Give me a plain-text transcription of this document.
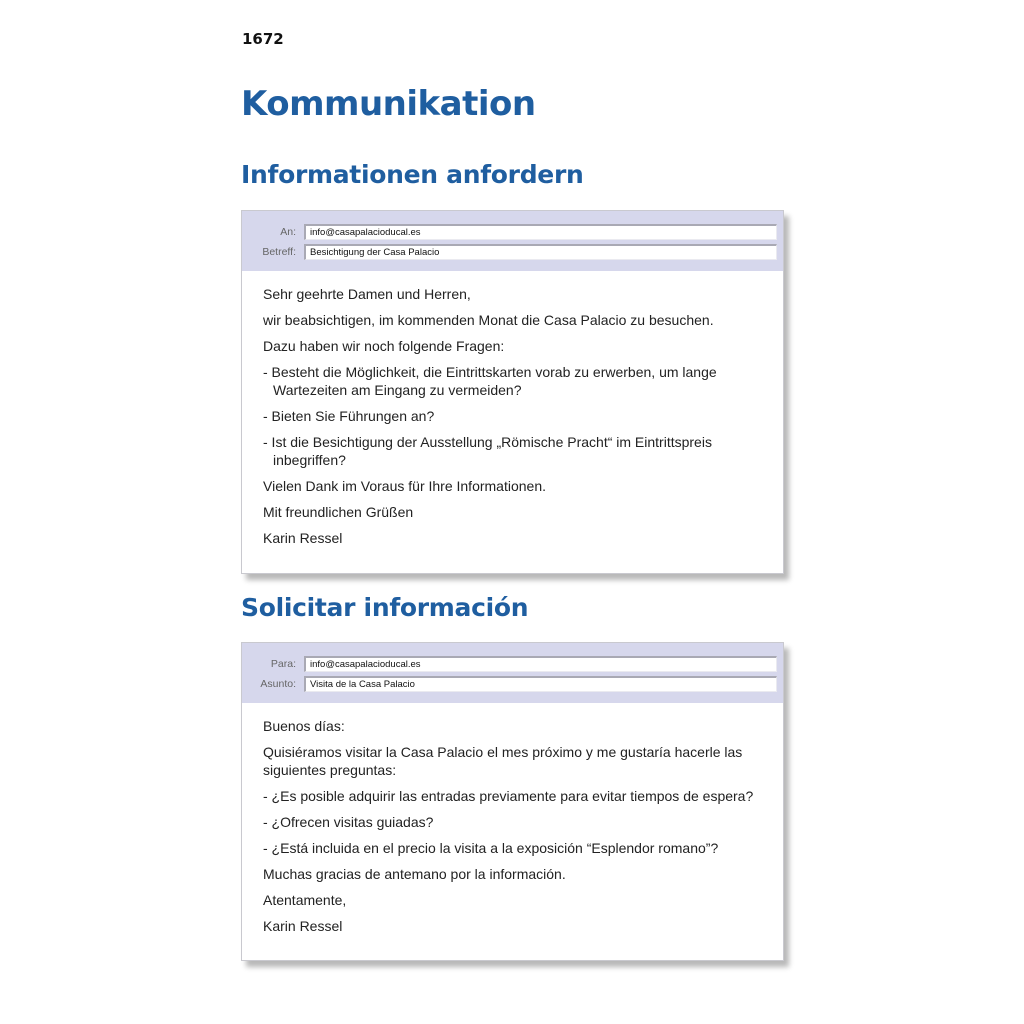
1672
Kommunikation
Informationen anfordern
An:	info@casapalacioducal.es
Betreff:	Besichtigung der Casa Palacio

Sehr geehrte Damen und Herren,

wir beabsichtigen, im kommenden Monat die Casa Palacio zu besuchen.

Dazu haben wir noch folgende Fragen:

- Besteht die Möglichkeit, die Eintrittskarten vorab zu erwerben, um lange Wartezeiten am Eingang zu vermeiden?

- Bieten Sie Führungen an?

- Ist die Besichtigung der Ausstellung „Römische Pracht“ im Eintrittspreis inbegriffen?

Vielen Dank im Voraus für Ihre Informationen.

Mit freundlichen Grüßen

Karin Ressel

Solicitar información
Para:	info@casapalacioducal.es
Asunto:	Visita de la Casa Palacio

Buenos días:

Quisiéramos visitar la Casa Palacio el mes próximo y me gustaría hacerle las siguientes preguntas:

- ¿Es posible adquirir las entradas previamente para evitar tiempos de espera?

- ¿Ofrecen visitas guiadas?

- ¿Está incluida en el precio la visita a la exposición “Esplendor romano”?

Muchas gracias de antemano por la información.

Atentamente,

Karin Ressel
